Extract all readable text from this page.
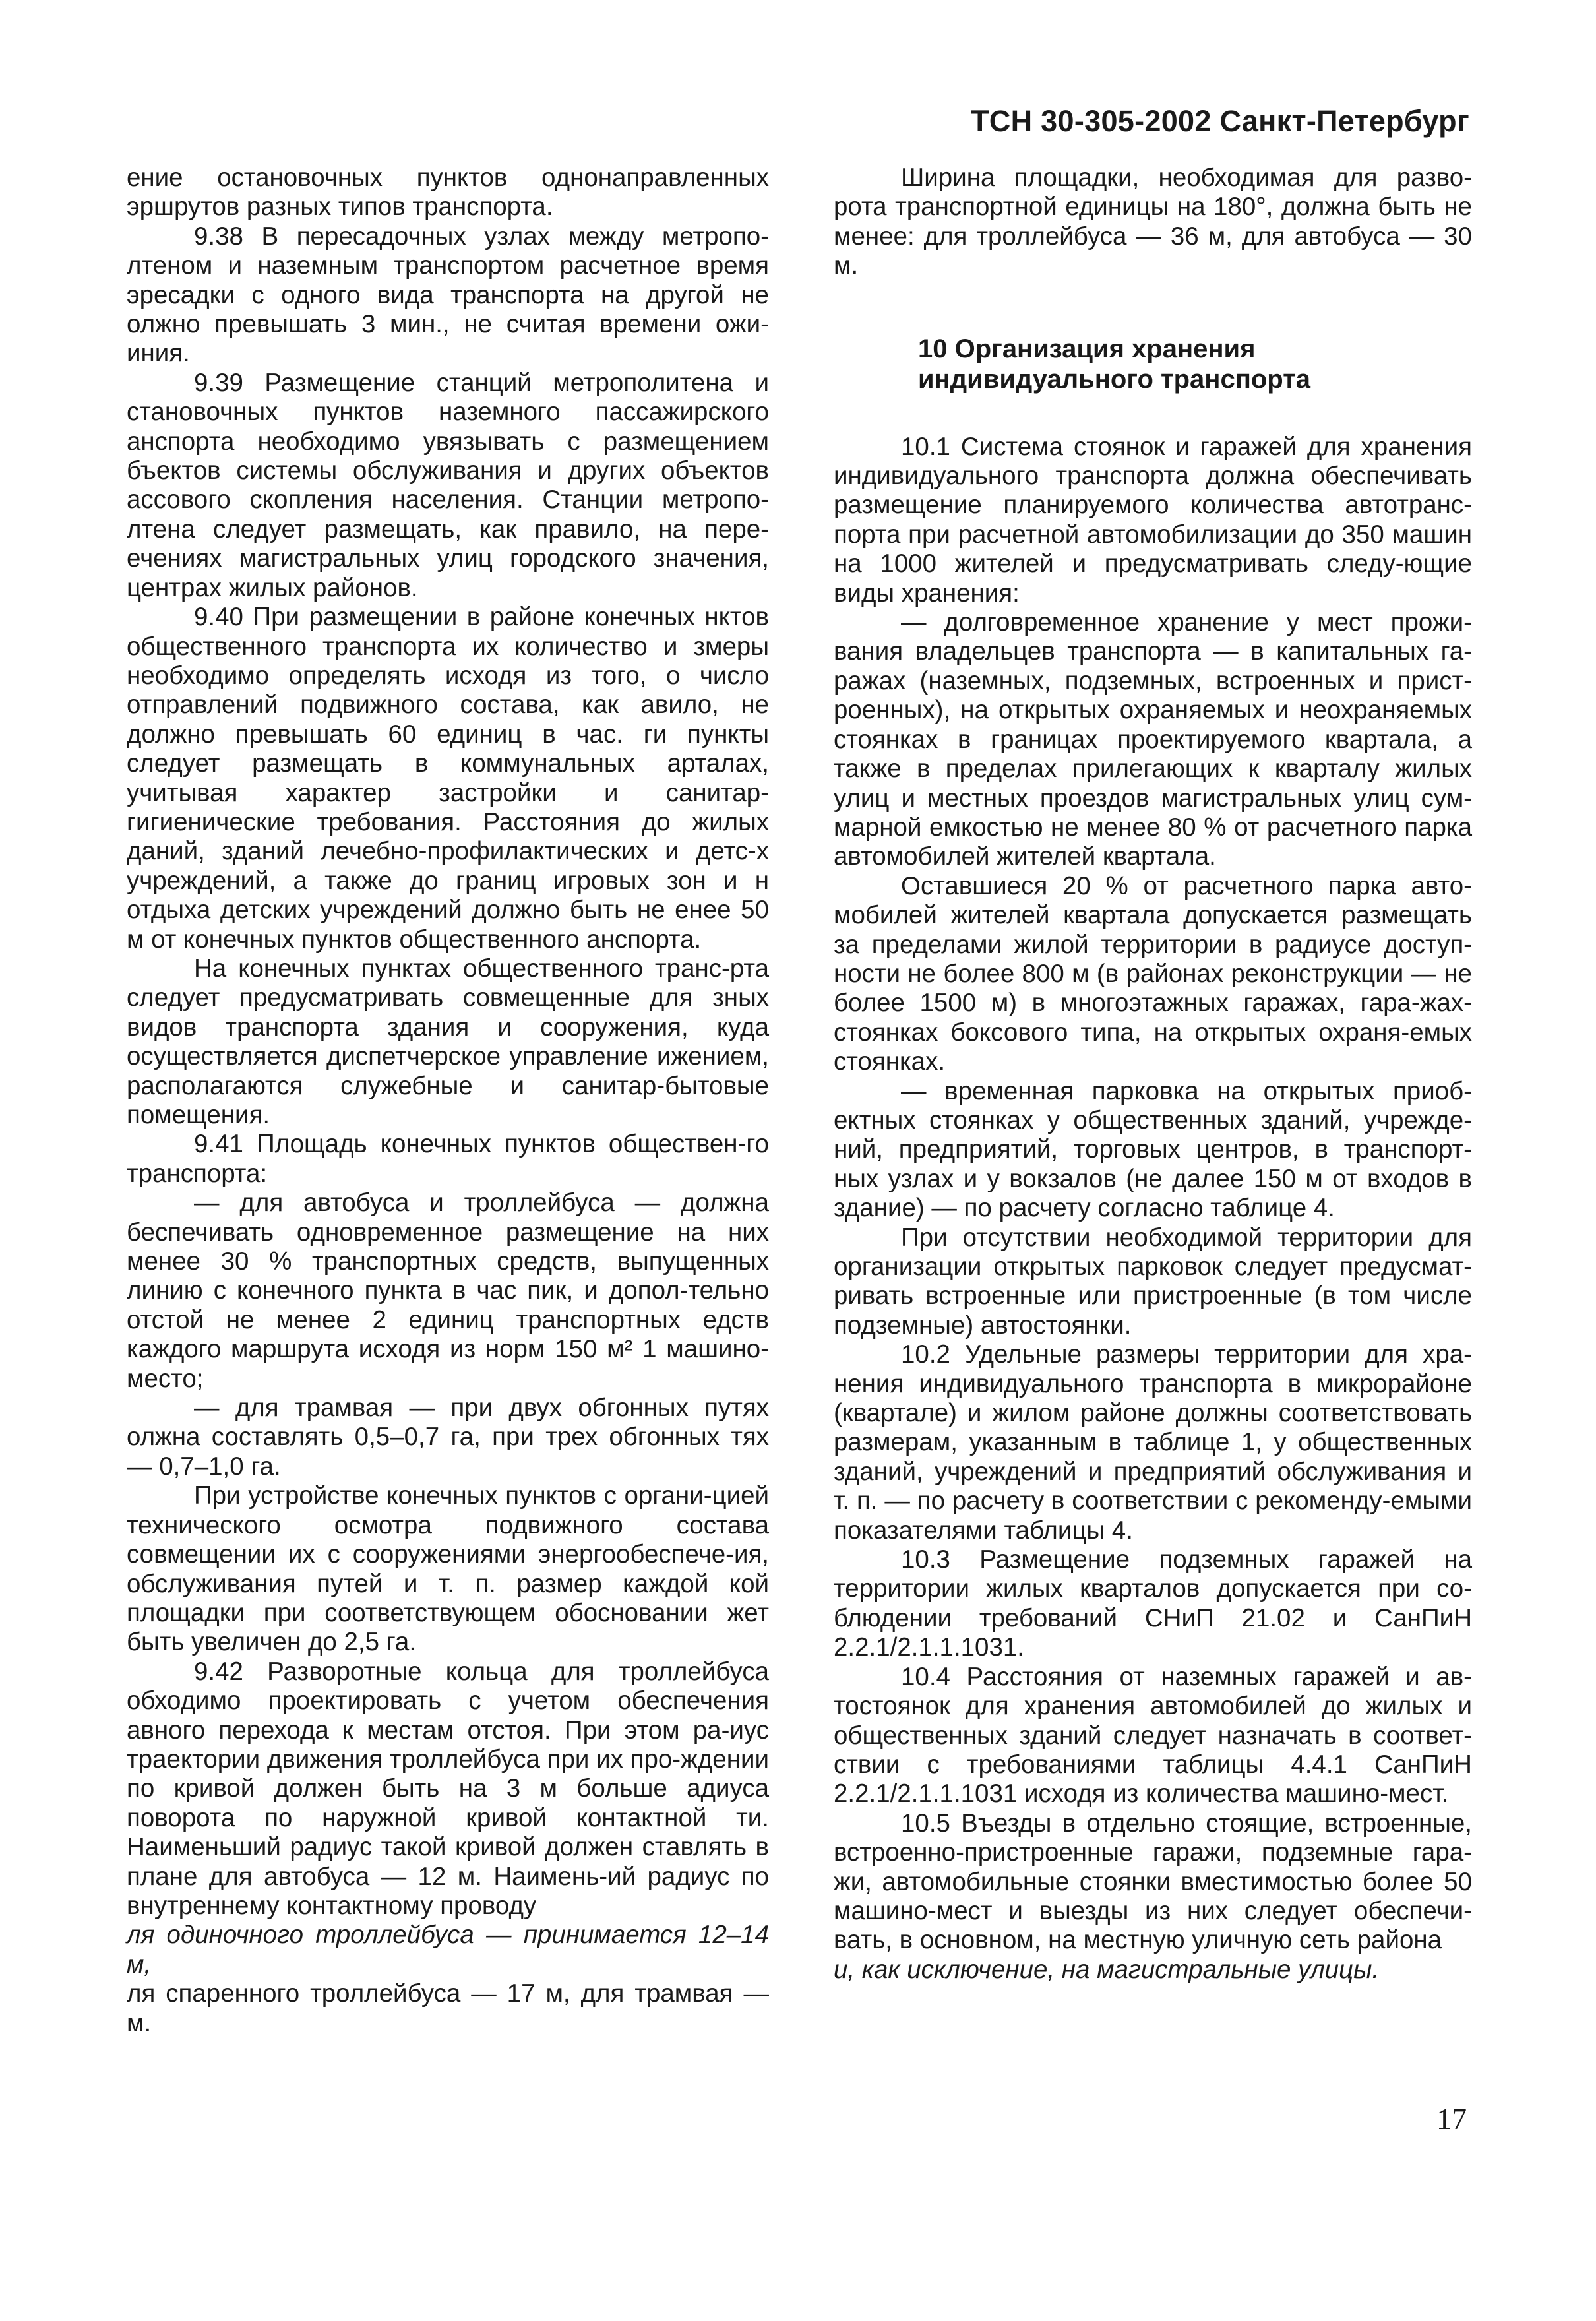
ТСН 30-305-2002 Санкт-Петербург

ение остановочных пунктов однонаправленных эршрутов разных типов транспорта.

9.38 В пересадочных узлах между метропо-лтеном и наземным транспортом расчетное время эресадки с одного вида транспорта на другой не олжно превышать 3 мин., не считая времени ожи-иния.

9.39 Размещение станций метрополитена и становочных пунктов наземного пассажирского анспорта необходимо увязывать с размещением бъектов системы обслуживания и других объектов ассового скопления населения. Станции метропо-лтена следует размещать, как правило, на пере-ечениях магистральных улиц городского значения, центрах жилых районов.

9.40 При размещении в районе конечных нктов общественного транспорта их количество и змеры необходимо определять исходя из того, о число отправлений подвижного состава, как авило, не должно превышать 60 единиц в час. ги пункты следует размещать в коммунальных арталах, учитывая характер застройки и санитар-гигиенические требования. Расстояния до жилых даний, зданий лечебно-профилактических и детс-х учреждений, а также до границ игровых зон и н отдыха детских учреждений должно быть не енее 50 м от конечных пунктов общественного анспорта.

На конечных пунктах общественного транс-рта следует предусматривать совмещенные для зных видов транспорта здания и сооружения, куда осуществляется диспетчерское управление ижением, располагаются служебные и санитар-бытовые помещения.

9.41 Площадь конечных пунктов обществен-го транспорта:

— для автобуса и троллейбуса — должна беспечивать одновременное размещение на них менее 30 % транспортных средств, выпущенных линию с конечного пункта в час пик, и допол-тельно отстой не менее 2 единиц транспортных едств каждого маршрута исходя из норм 150 м² 1 машино-место;

— для трамвая — при двух обгонных путях олжна составлять 0,5–0,7 га, при трех обгонных тях — 0,7–1,0 га.

При устройстве конечных пунктов с органи-цией технического осмотра подвижного состава совмещении их с сооружениями энергообеспече-ия, обслуживания путей и т. п. размер каждой кой площадки при соответствующем обосновании жет быть увеличен до 2,5 га.

9.42 Разворотные кольца для троллейбуса обходимо проектировать с учетом обеспечения авного перехода к местам отстоя. При этом ра-иус траектории движения троллейбуса при их про-ждении по кривой должен быть на 3 м больше адиуса поворота по наружной кривой контактной ти. Наименьший радиус такой кривой должен ставлять в плане для автобуса — 12 м. Наимень-ий радиус по внутреннему контактному проводу

ля одиночного троллейбуса — принимается 12–14 м,

ля спаренного троллейбуса — 17 м, для трамвая — м.

Ширина площадки, необходимая для разво-рота транспортной единицы на 180°, должна быть не менее: для троллейбуса — 36 м, для автобуса — 30 м.

10 Организация хранения
индивидуального транспорта

10.1 Система стоянок и гаражей для хранения индивидуального транспорта должна обеспечивать размещение планируемого количества автотранс-порта при расчетной автомобилизации до 350 машин на 1000 жителей и предусматривать следу-ющие виды хранения:

— долговременное хранение у мест прожи-вания владельцев транспорта — в капитальных га-ражах (наземных, подземных, встроенных и прист-роенных), на открытых охраняемых и неохраняемых стоянках в границах проектируемого квартала, а также в пределах прилегающих к кварталу жилых улиц и местных проездов магистральных улиц сум-марной емкостью не менее 80 % от расчетного парка автомобилей жителей квартала.

Оставшиеся 20 % от расчетного парка авто-мобилей жителей квартала допускается размещать за пределами жилой территории в радиусе доступ-ности не более 800 м (в районах реконструкции — не более 1500 м) в многоэтажных гаражах, гара-жах-стоянках боксового типа, на открытых охраня-емых стоянках.

— временная парковка на открытых приоб-ектных стоянках у общественных зданий, учрежде-ний, предприятий, торговых центров, в транспорт-ных узлах и у вокзалов (не далее 150 м от входов в здание) — по расчету согласно таблице 4.

При отсутствии необходимой территории для организации открытых парковок следует предусмат-ривать встроенные или пристроенные (в том числе подземные) автостоянки.

10.2 Удельные размеры территории для хра-нения индивидуального транспорта в микрорайоне (квартале) и жилом районе должны соответствовать размерам, указанным в таблице 1, у общественных зданий, учреждений и предприятий обслуживания и т. п. — по расчету в соответствии с рекоменду-емыми показателями таблицы 4.

10.3 Размещение подземных гаражей на территории жилых кварталов допускается при со-блюдении требований СНиП 21.02 и СанПиН 2.2.1/2.1.1.1031.

10.4 Расстояния от наземных гаражей и ав-тостоянок для хранения автомобилей до жилых и общественных зданий следует назначать в соответ-ствии с требованиями таблицы 4.4.1 СанПиН 2.2.1/2.1.1.1031 исходя из количества машино-мест.

10.5 Въезды в отдельно стоящие, встроенные, встроенно-пристроенные гаражи, подземные гара-жи, автомобильные стоянки вместимостью более 50 машино-мест и выезды из них следует обеспечи-вать, в основном, на местную уличную сеть района

и, как исключение, на магистральные улицы.

17
